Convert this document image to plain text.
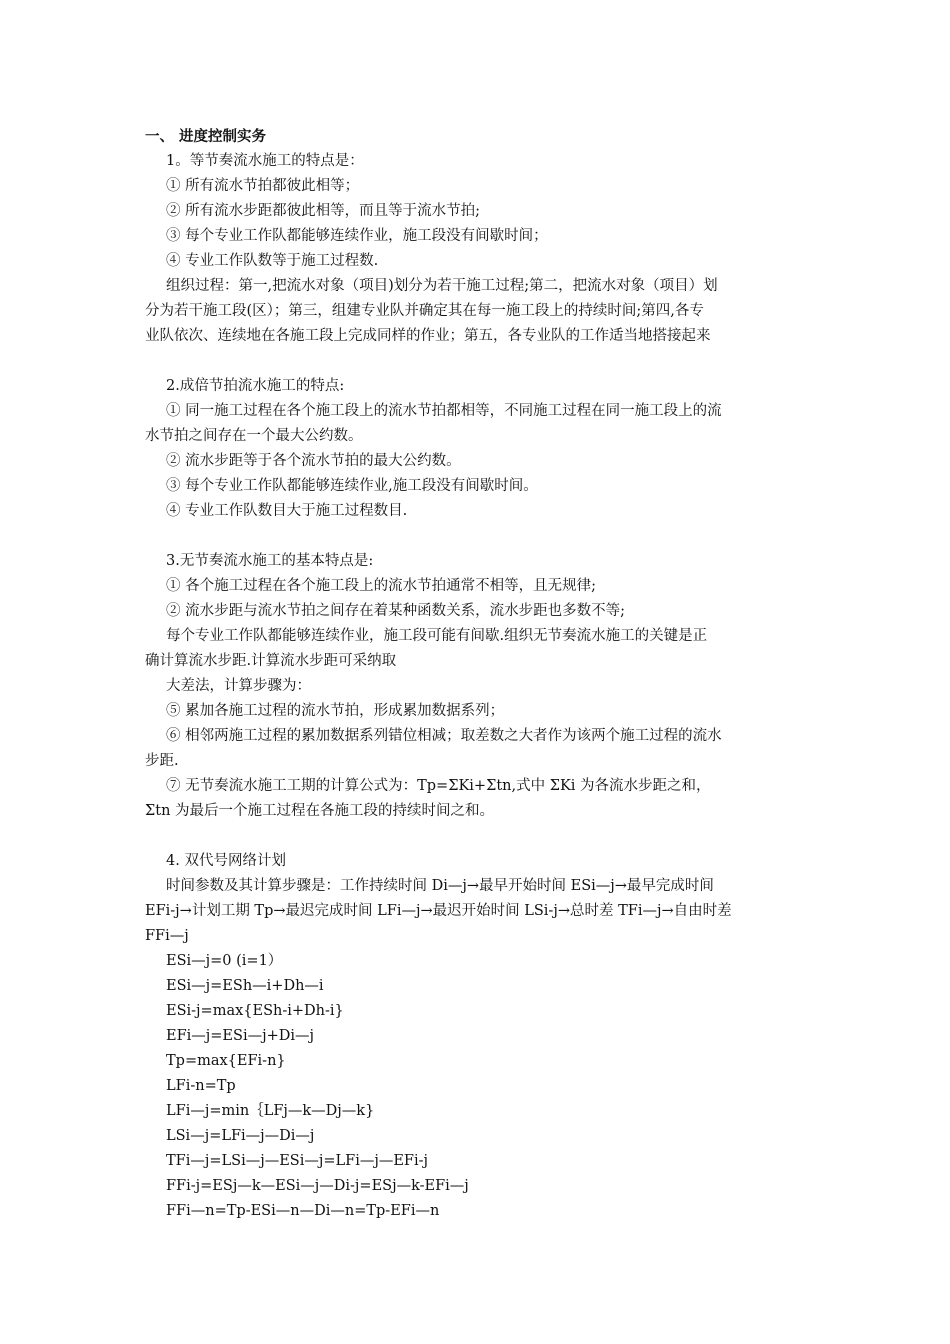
一、 进度控制实务
1。等节奏流水施工的特点是：
① 所有流水节拍都彼此相等；
② 所有流水步距都彼此相等，而且等于流水节拍;
③ 每个专业工作队都能够连续作业，施工段没有间歇时间；
④ 专业工作队数等于施工过程数.
组织过程：第一,把流水对象（项目)划分为若干施工过程;第二，把流水对象（项目）划
分为若干施工段(区）；第三，组建专业队并确定其在每一施工段上的持续时间;第四,各专
业队依次、连续地在各施工段上完成同样的作业；第五，各专业队的工作适当地搭接起来
2.成倍节拍流水施工的特点:
① 同一施工过程在各个施工段上的流水节拍都相等，不同施工过程在同一施工段上的流
水节拍之间存在一个最大公约数。
② 流水步距等于各个流水节拍的最大公约数。
③ 每个专业工作队都能够连续作业,施工段没有间歇时间。
④ 专业工作队数目大于施工过程数目.
3.无节奏流水施工的基本特点是:
① 各个施工过程在各个施工段上的流水节拍通常不相等，且无规律;
② 流水步距与流水节拍之间存在着某种函数关系，流水步距也多数不等;
每个专业工作队都能够连续作业，施工段可能有间歇.组织无节奏流水施工的关键是正
确计算流水步距.计算流水步距可采纳取
大差法，计算步骤为：
⑤ 累加各施工过程的流水节拍，形成累加数据系列；
⑥ 相邻两施工过程的累加数据系列错位相减；取差数之大者作为该两个施工过程的流水
步距.
⑦ 无节奏流水施工工期的计算公式为：Tp=ΣKi+Σtn,式中 ΣKi 为各流水步距之和，
Σtn 为最后一个施工过程在各施工段的持续时间之和。
4. 双代号网络计划
时间参数及其计算步骤是：工作持续时间 Di—j→最早开始时间 ESi—j→最早完成时间
EFi-j→计划工期 Tp→最迟完成时间 LFi—j→最迟开始时间 LSi-j→总时差 TFi—j→自由时差
FFi—j
ESi—j=0 (i=1）
ESi—j=ESh—i+Dh—i
ESi-j=max{ESh-i+Dh-i}
EFi—j=ESi—j+Di—j
Tp=max{EFi-n}
LFi-n=Tp
LFi—j=min｛LFj—k—Dj—k}
LSi—j=LFi—j—Di—j
TFi—j=LSi—j—ESi—j=LFi—j—EFi-j
FFi-j=ESj—k—ESi—j—Di-j=ESj—k-EFi—j
FFi—n=Tp-ESi—n—Di—n=Tp-EFi—n
